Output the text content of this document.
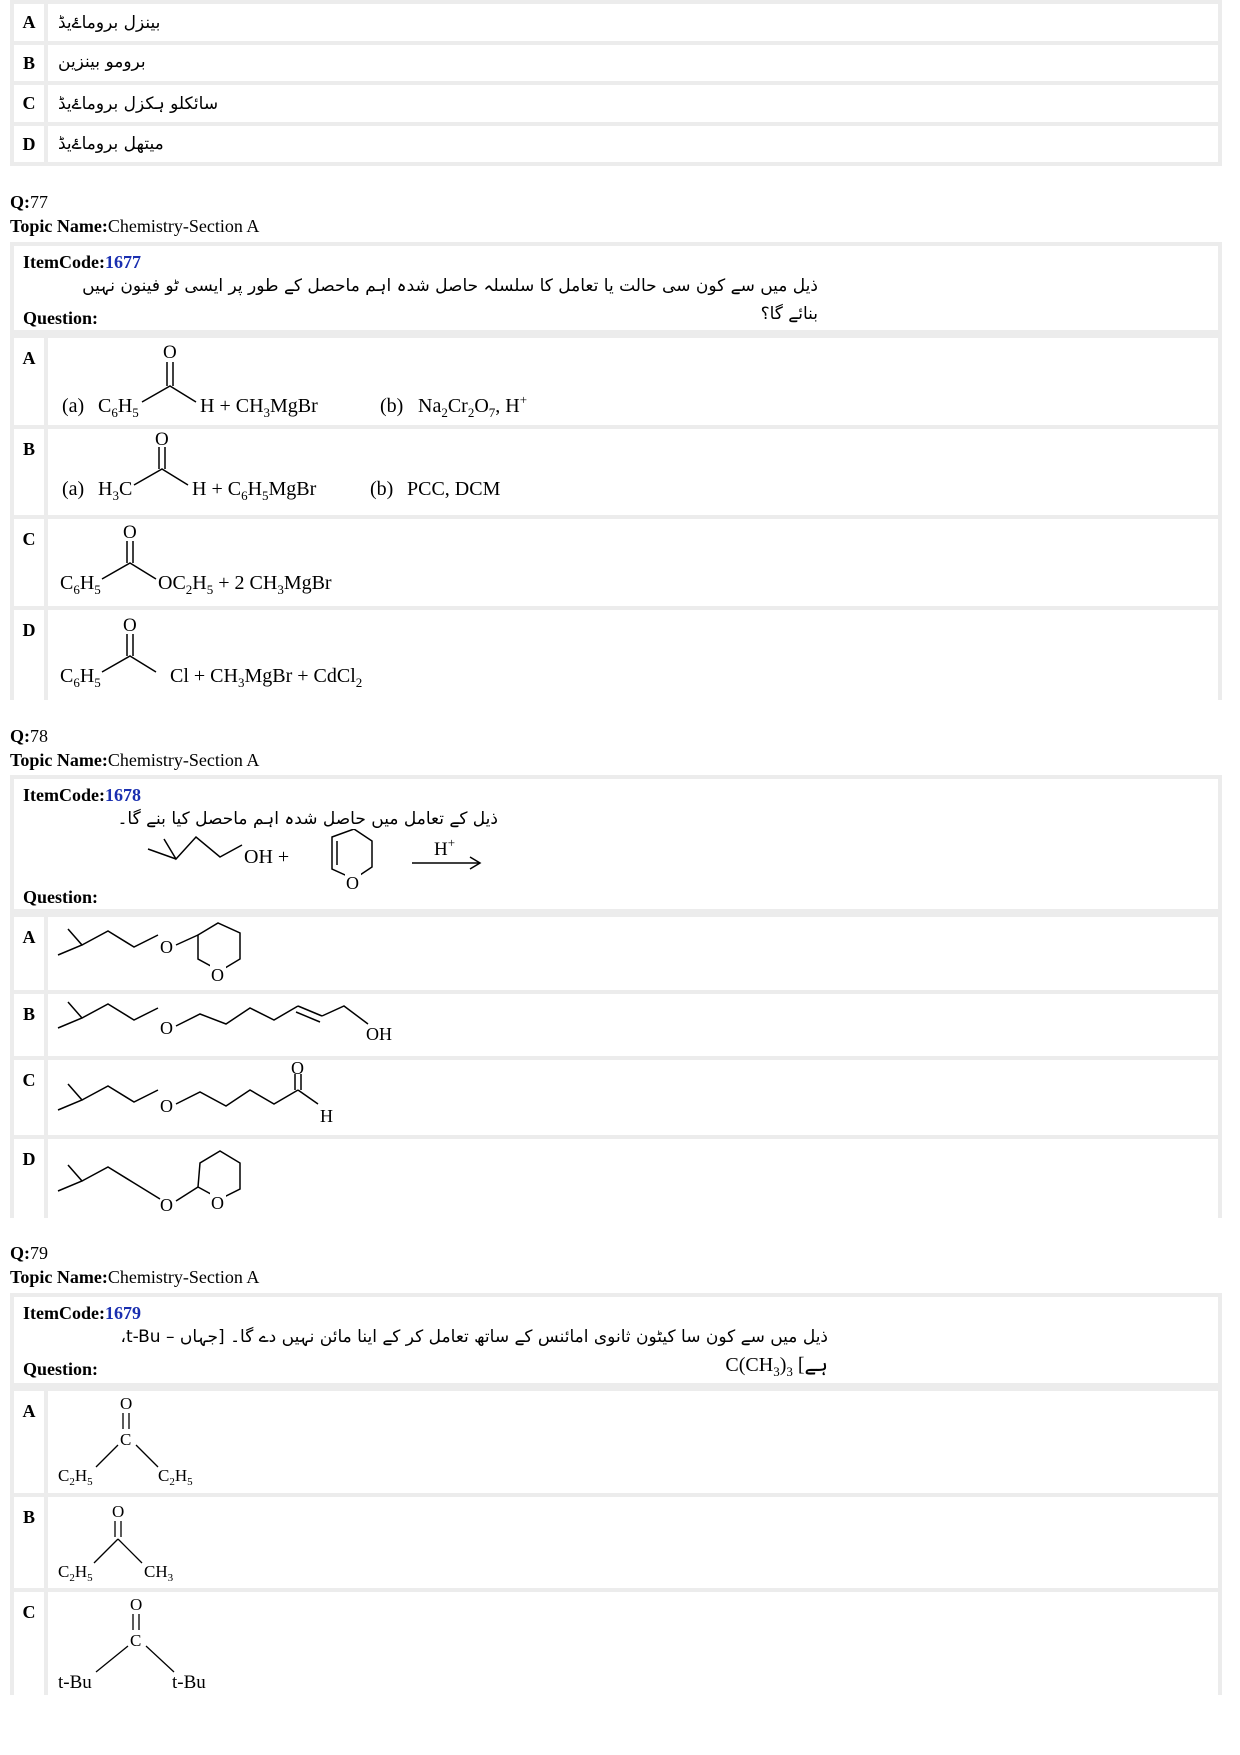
A	بینزل بروماۓیڈ
B	برومو بینزین
C	سائکلو ہکزل بروماۓیڈ
D	میتھل بروماۓیڈ
Q:77
Topic Name:Chemistry-Section A
ItemCode:1677
ذیل میں سے کون سی حالت یا تعامل کا سلسلہ حاصل شدہ اہم ماحصل کے طور پر ایسی ٹو فینون نہیں
بنائے گا؟
Question:
A
(a) $C_6H_5$
O
$H + CH_3MgBr$	(b) $Na_2Cr_2O_7$, H+
B
(a) $H_3C$
O
$H + C_6H_5MgBr$	(b) PCC, DCM
C
$C_6H_5$
O
$OC_2H_5 + 2$ $CH_3MgBr$
D
$C_6H_5$
O
$Cl + CH_3MgBr$ + CdCl$_2$
Q:78
Topic Name:Chemistry-Section A
ItemCode:1678
ذیل کے تعامل میں حاصل شدہ اہم ماحصل کیا بنے گا۔
OH +
O
H+
Question:
A	O
O
B
O	OH
C
O
O
H
D
O O
Q:79
Topic Name:Chemistry-Section A
ItemCode:1679
ذیل میں سے کون سا کیٹون ثانوی امائنس کے ساتھ تعامل کر کے اینا مائن نہیں دے گا۔ [جہاں – t-Bu،
ہے] $C(CH_3)_3$
Question:
A	O
C
$C_2H_5$	$C_2H_5$
B	O
$C_2H_5$	$CH_3$
C	O
C
t-Bu	t-Bu
